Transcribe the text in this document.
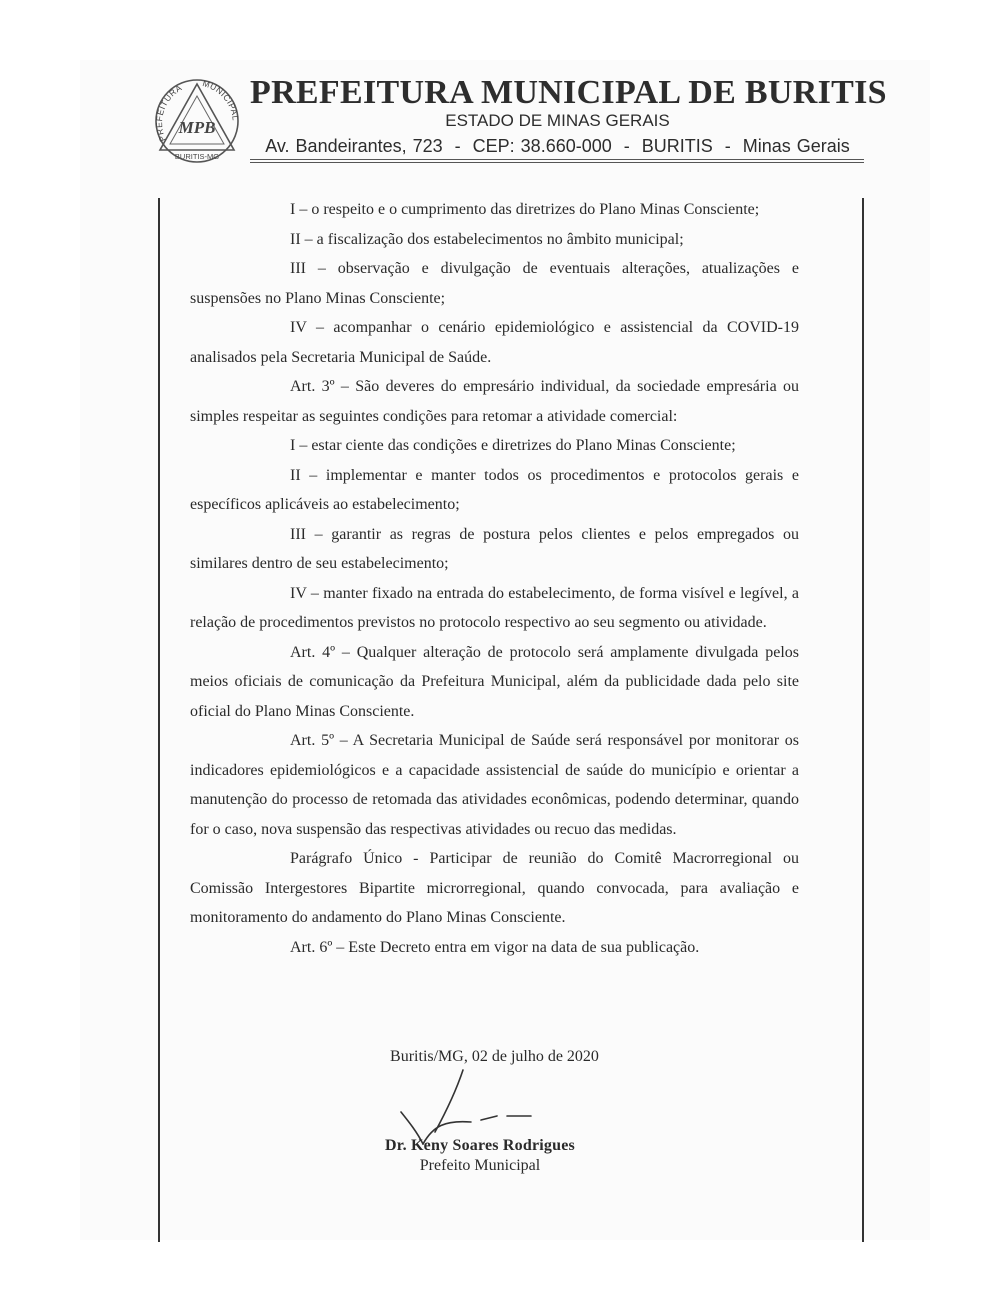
PREFEITURA MUNICIPAL
MPB
BURITIS-MG
PREFEITURA MUNICIPAL DE BURITIS
ESTADO DE MINAS GERAIS
Av. Bandeirantes, 723  -  CEP: 38.660-000  -  BURITIS  -  Minas Gerais

I – o respeito e o cumprimento das diretrizes do Plano Minas Consciente;

II – a fiscalização dos estabelecimentos no âmbito municipal;

III – observação e divulgação de eventuais alterações, atualizações e suspensões no Plano Minas Consciente;

IV – acompanhar o cenário epidemiológico e assistencial da COVID-19 analisados pela Secretaria Municipal de Saúde.

Art. 3º – São deveres do empresário individual, da sociedade empresária ou simples respeitar as seguintes condições para retomar a atividade comercial:

I – estar ciente das condições e diretrizes do Plano Minas Consciente;

II – implementar e manter todos os procedimentos e protocolos gerais e específicos aplicáveis ao estabelecimento;

III – garantir as regras de postura pelos clientes e pelos empregados ou similares dentro de seu estabelecimento;

IV – manter fixado na entrada do estabelecimento, de forma visível e legível, a relação de procedimentos previstos no protocolo respectivo ao seu segmento ou atividade.

Art. 4º – Qualquer alteração de protocolo será amplamente divulgada pelos meios oficiais de comunicação da Prefeitura Municipal, além da publicidade dada pelo site oficial do Plano Minas Consciente.

Art. 5º – A Secretaria Municipal de Saúde será responsável por monitorar os indicadores epidemiológicos e a capacidade assistencial de saúde do município e orientar a manutenção do processo de retomada das atividades econômicas, podendo determinar, quando for o caso, nova suspensão das respectivas atividades ou recuo das medidas.

Parágrafo Único - Participar de reunião do Comitê Macrorregional ou Comissão Intergestores Bipartite microrregional, quando convocada, para avaliação e monitoramento do andamento do Plano Minas Consciente.

Art. 6º – Este Decreto entra em vigor na data de sua publicação.

Buritis/MG, 02 de julho de 2020
Dr. Keny Soares Rodrigues
Prefeito Municipal
